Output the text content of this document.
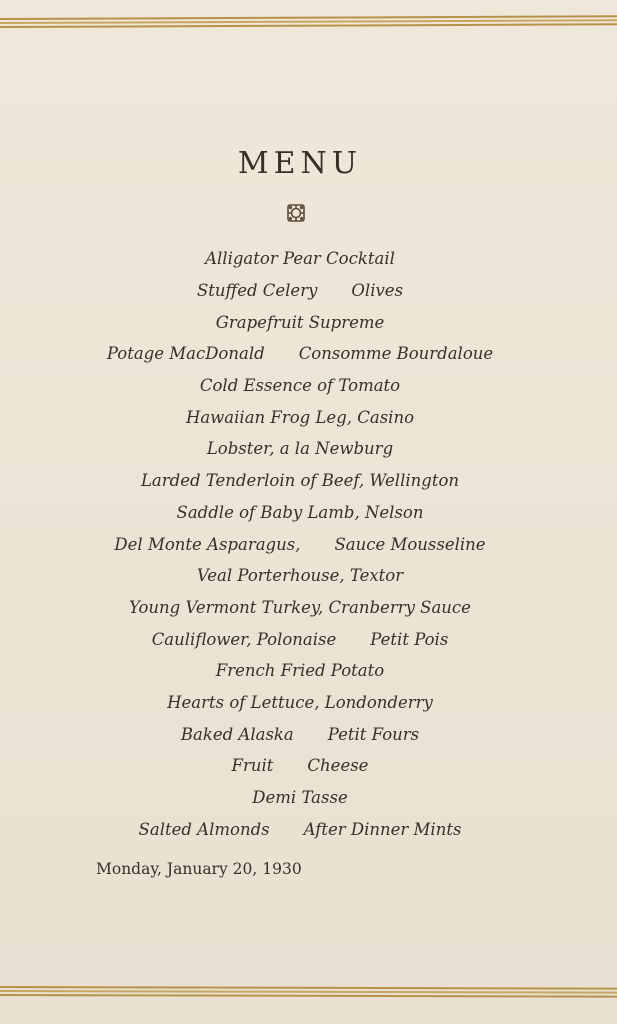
MENU
Alligator Pear Cocktail
Stuffed Celery Olives
Grapefruit Supreme
Potage MacDonald Consomme Bourdaloue
Cold Essence of Tomato
Hawaiian Frog Leg, Casino
Lobster, a la Newburg
Larded Tenderloin of Beef, Wellington
Saddle of Baby Lamb, Nelson
Del Monte Asparagus, Sauce Mousseline
Veal Porterhouse, Textor
Young Vermont Turkey, Cranberry Sauce
Cauliflower, Polonaise Petit Pois
French Fried Potato
Hearts of Lettuce, Londonderry
Baked Alaska Petit Fours
Fruit Cheese
Demi Tasse
Salted Almonds After Dinner Mints
Monday, January 20, 1930
